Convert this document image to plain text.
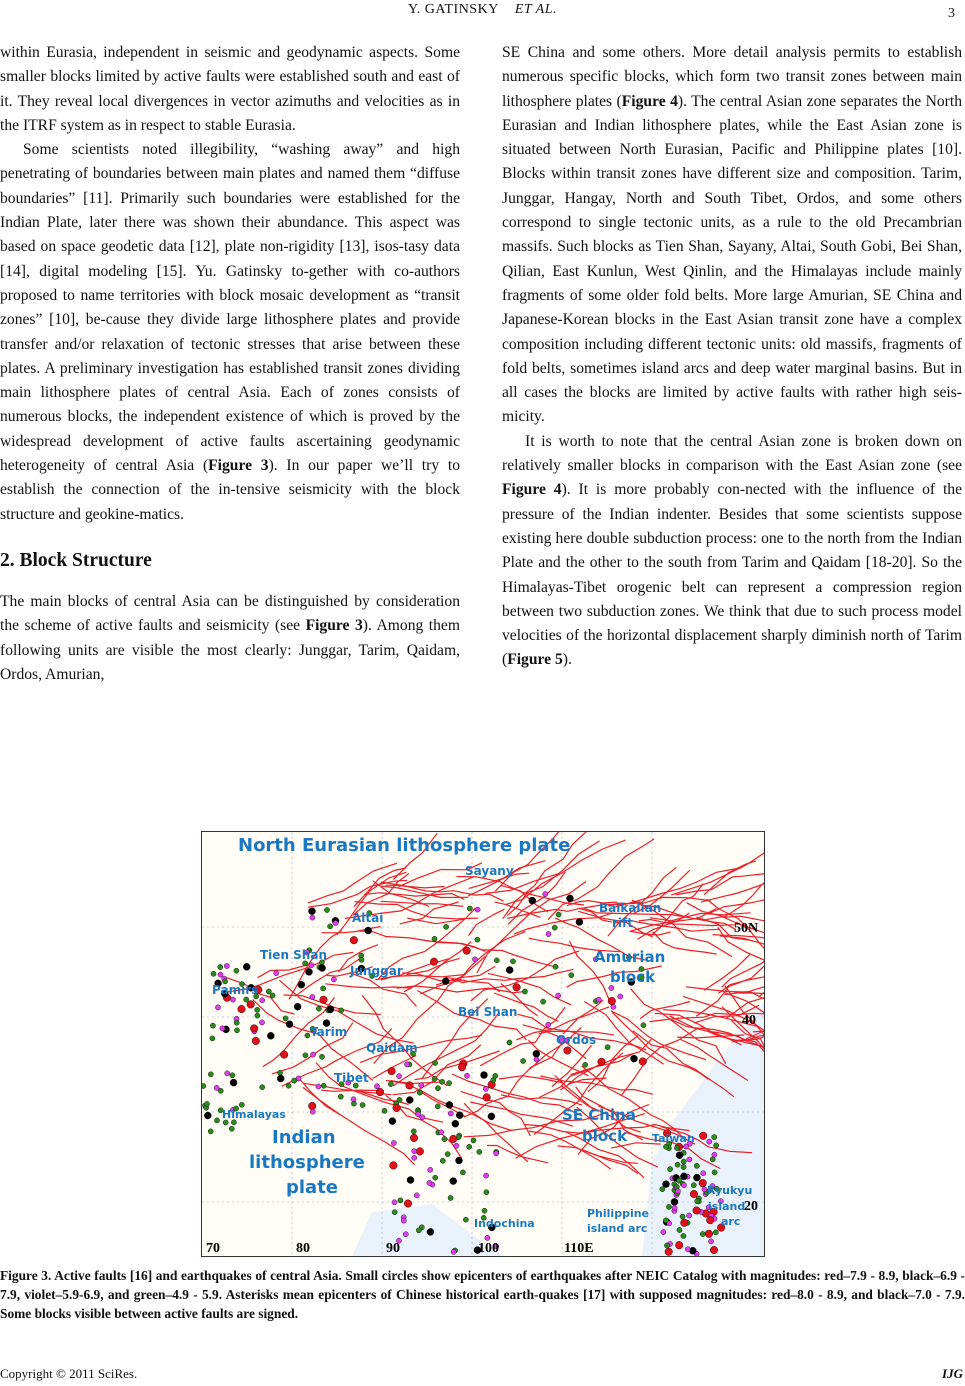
Y. GATINSKY ET AL.	3

within Eurasia, independent in seismic and geodynamic aspects. Some smaller blocks limited by active faults were established south and east of it. They reveal local divergences in vector azimuths and velocities as in the ITRF system as in respect to stable Eurasia.

Some scientists noted illegibility, “washing away” and high penetrating of boundaries between main plates and named them “diffuse boundaries” [11]. Primarily such boundaries were established for the Indian Plate, later there was shown their abundance. This aspect was based on space geodetic data [12], plate non-rigidity [13], isos-tasy data [14], digital modeling [15]. Yu. Gatinsky to-gether with co-authors proposed to name territories with block mosaic development as “transit zones” [10], be-cause they divide large lithosphere plates and provide transfer and/or relaxation of tectonic stresses that arise between these plates. A preliminary investigation has established transit zones dividing main lithosphere plates of central Asia. Each of zones consists of numerous blocks, the independent existence of which is proved by the widespread development of active faults ascertaining geodynamic heterogeneity of central Asia (Figure 3). In our paper we’ll try to establish the connection of the in-tensive seismicity with the block structure and geokine-matics.

2. Block Structure

The main blocks of central Asia can be distinguished by consideration the scheme of active faults and seismicity (see Figure 3). Among them following units are visible the most clearly: Junggar, Tarim, Qaidam, Ordos, Amurian,

SE China and some others. More detail analysis permits to establish numerous specific blocks, which form two transit zones between main lithosphere plates (Figure 4). The central Asian zone separates the North Eurasian and Indian lithosphere plates, while the East Asian zone is situated between North Eurasian, Pacific and Philippine plates [10]. Blocks within transit zones have different size and composition. Tarim, Junggar, Hangay, North and South Tibet, Ordos, and some others correspond to single tectonic units, as a rule to the old Precambrian massifs. Such blocks as Tien Shan, Sayany, Altai, South Gobi, Bei Shan, Qilian, East Kunlun, West Qinlin, and the Himalayas include mainly fragments of some older fold belts. More large Amurian, SE China and Japanese-Korean blocks in the East Asian transit zone have a complex composition including different tectonic units: old massifs, fragments of fold belts, sometimes island arcs and deep water marginal basins. But in all cases the blocks are limited by active faults with rather high seis-micity.

It is worth to note that the central Asian zone is broken down on relatively smaller blocks in comparison with the East Asian zone (see Figure 4). It is more probably con-nected with the influence of the pressure of the Indian indenter. Besides that some scientists suppose existing here double subduction process: one to the north from the Indian Plate and the other to the south from Tarim and Qaidam [18-20]. So the Himalayas-Tibet orogenic belt can represent a compression region between two subduction zones. We think that due to such process model velocities of the horizontal displacement sharply diminish north of Tarim (Figure 5).

North Eurasian lithosphere plate
Sayany
Baikalian
rift
Altai
Tien Shan
Pamirs
Junggar
Amurian
block
Bei Shan
Tarim
Qaidam
Ordos
Tibet
Himalayas
Indian
lithosphere
plate
SE China
block Taiwan
Ryukyu
island
arc
Philippine
island arc
Indochina
50N
40
20
70	80	90	100	110E
Figure 3. Active faults [16] and earthquakes of central Asia. Small circles show epicenters of earthquakes after NEIC Catalog with magnitudes: red–7.9 - 8.9, black–6.9 - 7.9, violet–5.9-6.9, and green–4.9 - 5.9. Asterisks mean epicenters of Chinese historical earth-quakes [17] with supposed magnitudes: red–8.0 - 8.9, and black–7.0 - 7.9. Some blocks visible between active faults are signed.
Copyright © 2011 SciRes.	IJG
